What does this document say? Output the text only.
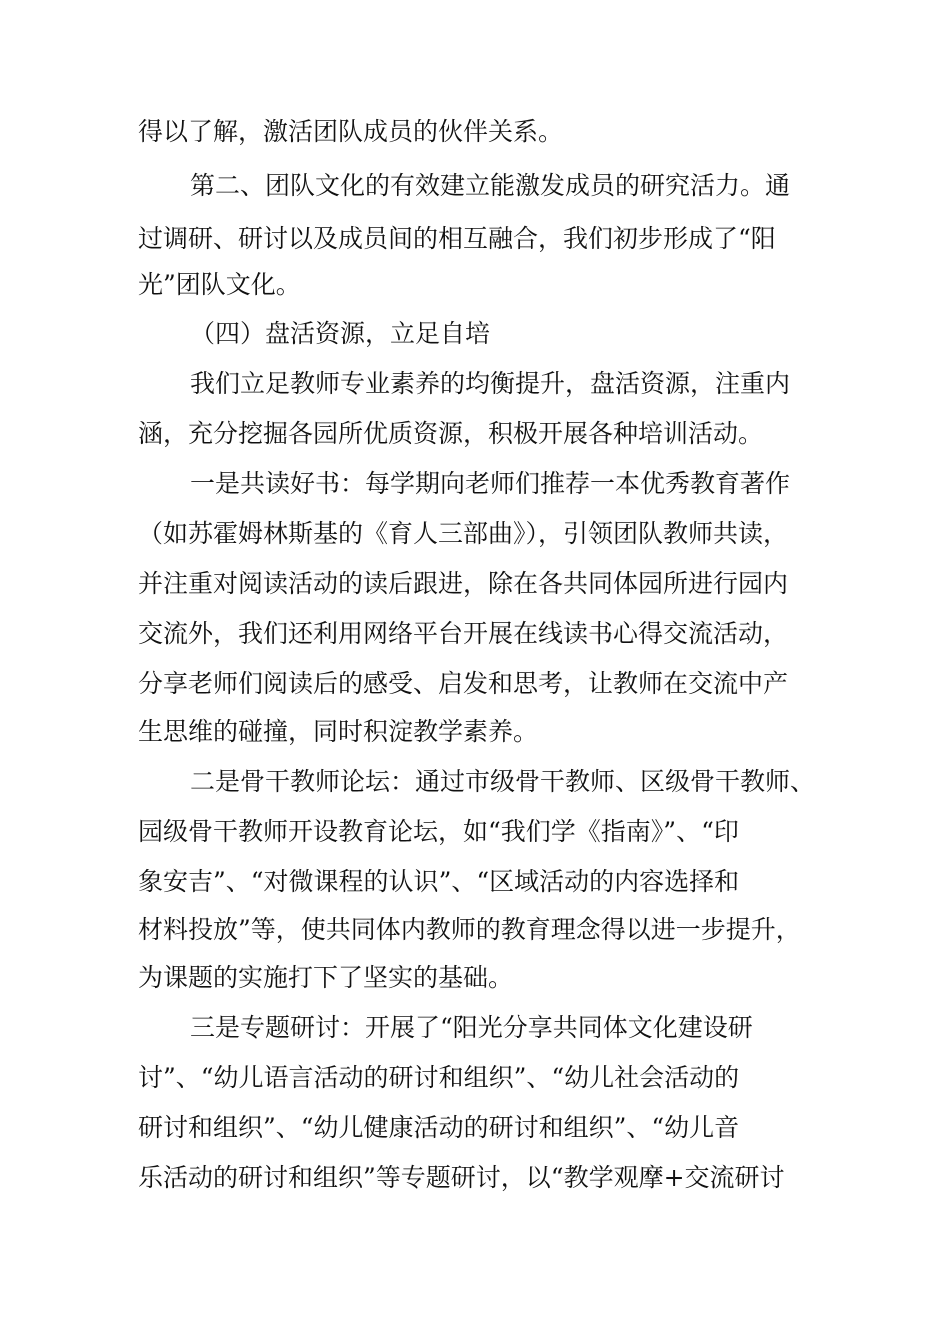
得以了解，激活团队成员的伙伴关系。
第二、团队文化的有效建立能激发成员的研究活力。通
过调研、研讨以及成员间的相互融合，我们初步形成了“阳
光”团队文化。
（四）盘活资源，立足自培
我们立足教师专业素养的均衡提升，盘活资源，注重内
涵，充分挖掘各园所优质资源，积极开展各种培训活动。
一是共读好书：每学期向老师们推荐一本优秀教育著作
（如苏霍姆林斯基的《育人三部曲》），引领团队教师共读，
并注重对阅读活动的读后跟进，除在各共同体园所进行园内
交流外，我们还利用网络平台开展在线读书心得交流活动，
分享老师们阅读后的感受、启发和思考，让教师在交流中产
生思维的碰撞，同时积淀教学素养。
二是骨干教师论坛：通过市级骨干教师、区级骨干教师、
园级骨干教师开设教育论坛，如“我们学《指南》”、“印
象安吉”、“对微课程的认识”、“区域活动的内容选择和
材料投放”等，使共同体内教师的教育理念得以进一步提升，
为课题的实施打下了坚实的基础。
三是专题研讨：开展了“阳光分享共同体文化建设研
讨”、“幼儿语言活动的研讨和组织”、“幼儿社会活动的
研讨和组织”、“幼儿健康活动的研讨和组织”、“幼儿音
乐活动的研讨和组织”等专题研讨，以“教学观摩+交流研讨
